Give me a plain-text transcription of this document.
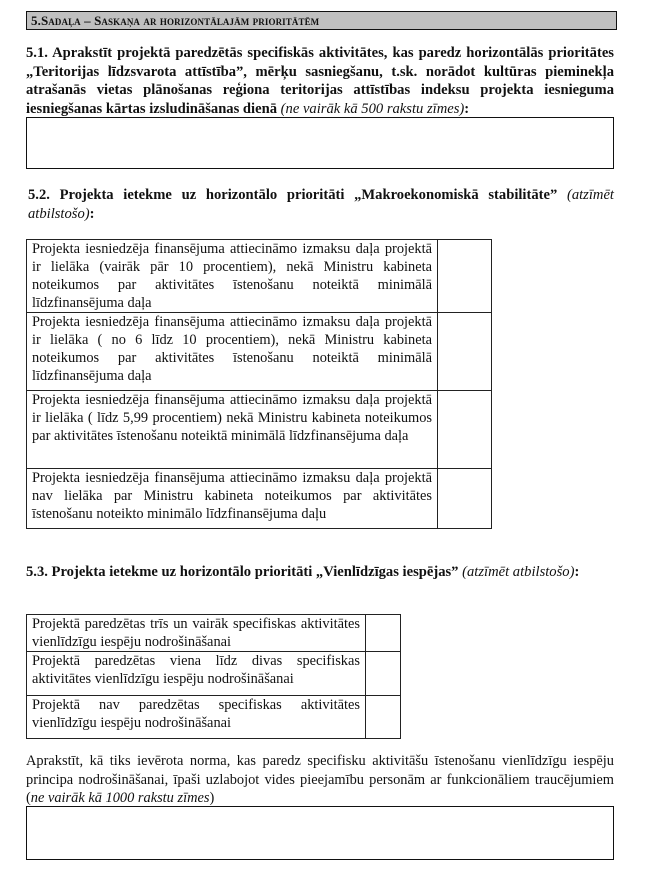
5.Sadaļa – Saskaņa ar horizontālajām prioritātēm
5.1. Aprakstīt projektā paredzētās specifiskās aktivitātes, kas paredz horizontālās prioritātes „Teritorijas līdzsvarota attīstība”, mērķu sasniegšanu, t.sk. norādot kultūras pieminekļa atrašanās vietas plānošanas reģiona teritorijas attīstības indeksu projekta iesnieguma iesniegšanas kārtas izsludināšanas dienā (ne vairāk kā 500 rakstu zīmes):
5.2. Projekta ietekme uz horizontālo prioritāti „Makroekonomiskā stabilitāte” (atzīmēt atbilstošo):
Projekta iesniedzēja finansējuma attiecināmo izmaksu daļa projektā ir lielāka (vairāk pār 10 procentiem), nekā Ministru kabineta noteikumos par aktivitātes īstenošanu noteiktā minimālā līdzfinansējuma daļa	
Projekta iesniedzēja finansējuma attiecināmo izmaksu daļa projektā ir lielāka ( no 6 līdz 10 procentiem), nekā Ministru kabineta noteikumos par aktivitātes īstenošanu noteiktā minimālā līdzfinansējuma daļa	
Projekta iesniedzēja finansējuma attiecināmo izmaksu daļa projektā ir lielāka ( līdz 5,99 procentiem) nekā Ministru kabineta noteikumos par aktivitātes īstenošanu noteiktā minimālā līdzfinansējuma daļa	
Projekta iesniedzēja finansējuma attiecināmo izmaksu daļa projektā nav lielāka par Ministru kabineta noteikumos par aktivitātes īstenošanu noteikto minimālo līdzfinansējuma daļu	
5.3. Projekta ietekme uz horizontālo prioritāti „Vienlīdzīgas iespējas” (atzīmēt atbilstošo):
Projektā paredzētas trīs un vairāk specifiskas aktivitātes vienlīdzīgu iespēju nodrošināšanai	
Projektā paredzētas viena līdz divas specifiskas aktivitātes vienlīdzīgu iespēju nodrošināšanai	
Projektā nav paredzētas specifiskas aktivitātes vienlīdzīgu iespēju nodrošināšanai	
Aprakstīt, kā tiks ievērota norma, kas paredz specifisku aktivitāšu īstenošanu vienlīdzīgu iespēju principa nodrošināšanai, īpaši uzlabojot vides pieejamību personām ar funkcionāliem traucējumiem (ne vairāk kā 1000 rakstu zīmes)
